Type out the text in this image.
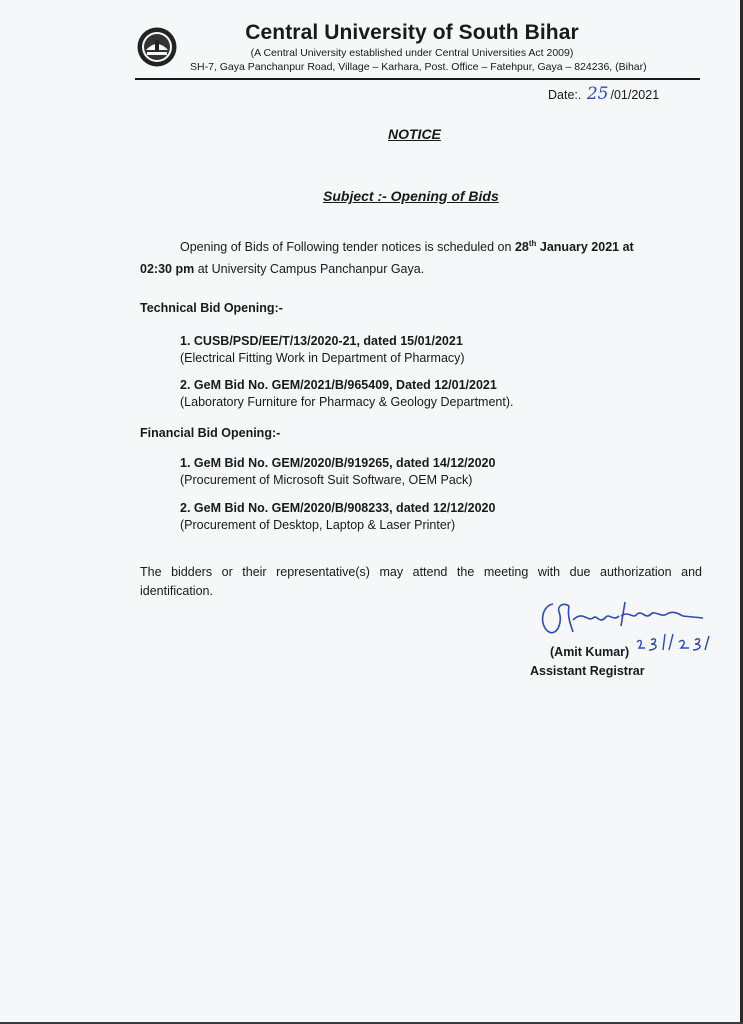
Central University of South Bihar
(A Central University established under Central Universities Act 2009)
SH-7, Gaya Panchanpur Road, Village – Karhara, Post. Office – Fatehpur, Gaya – 824236, (Bihar)
Date:. 25 /01/2021
NOTICE
Subject :- Opening of Bids
Opening of Bids of Following tender notices is scheduled on 28th January 2021 at
02:30 pm at University Campus Panchanpur Gaya.
Technical Bid Opening:-
1. CUSB/PSD/EE/T/13/2020-21, dated 15/01/2021
(Electrical Fitting Work in Department of Pharmacy)
2. GeM Bid No. GEM/2021/B/965409, Dated 12/01/2021
(Laboratory Furniture for Pharmacy & Geology Department).
Financial Bid Opening:-
1. GeM Bid No. GEM/2020/B/919265, dated 14/12/2020
(Procurement of Microsoft Suit Software, OEM Pack)
2. GeM Bid No. GEM/2020/B/908233, dated 12/12/2020
(Procurement of Desktop, Laptop & Laser Printer)
The bidders or their representative(s) may attend the meeting with due authorization and identification.
(Amit Kumar)
Assistant Registrar
